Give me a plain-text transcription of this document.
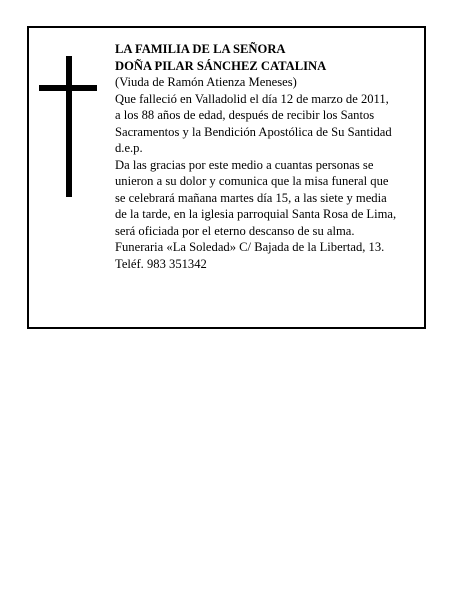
LA FAMILIA DE LA SEÑORA
DOÑA PILAR SÁNCHEZ CATALINA
(Viuda de Ramón Atienza Meneses)
Que falleció en Valladolid el día 12 de marzo de 2011,
a los 88 años de edad, después de recibir los Santos
Sacramentos y la Bendición Apostólica de Su Santidad
d.e.p.
Da las gracias por este medio a cuantas personas se
unieron a su dolor y comunica que la misa funeral que
se celebrará mañana martes día 15, a las siete y media
de la tarde, en la iglesia parroquial Santa Rosa de Lima,
será oficiada por el eterno descanso de su alma.
Funeraria «La Soledad» C/ Bajada de la Libertad, 13.
Teléf. 983 351342
